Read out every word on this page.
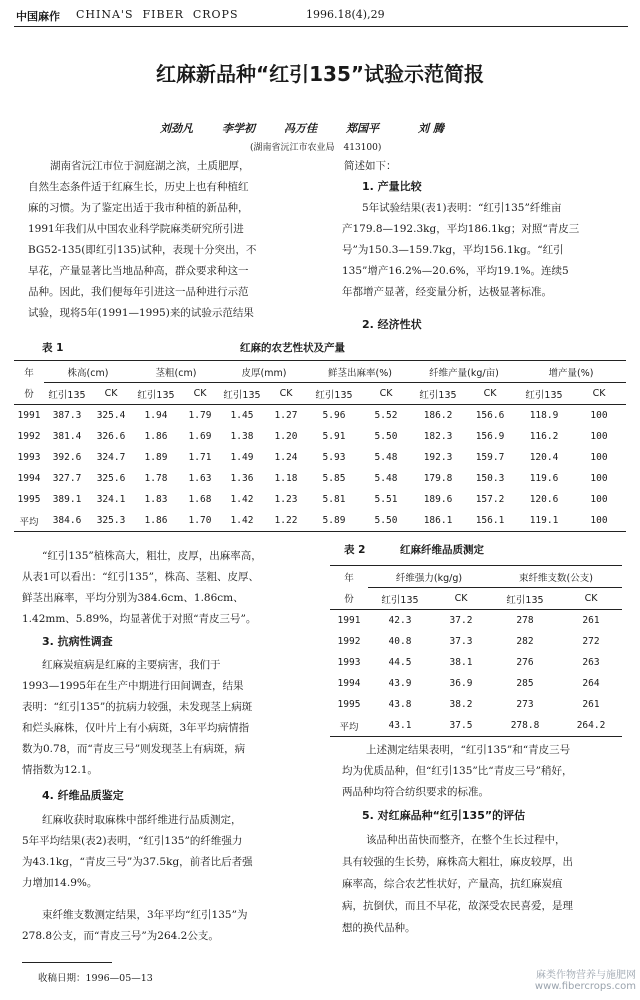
中国麻作 CHINA'S  FIBER  CROPS	1996.18(4),29
红麻新品种“红引135”试验示范简报
刘劲凡	李学初	冯万佳	郑国平	刘 腾
(湖南省沅江市农业局　413100)

湖南省沅江市位于洞庭湖之滨，土质肥厚，

自然生态条件适于红麻生长，历史上也有种植红

麻的习惯。为了鉴定出适于我市种植的新品种，

1991年我们从中国农业科学院麻类研究所引进

BG52-135(即红引135)试种，表现十分突出，不

早花，产量显著比当地品种高，群众要求种这一

品种。因此，我们便每年引进这一品种进行示范

试验，现将5年(1991—1995)来的试验示范结果

简述如下：

1. 产量比较

5年试验结果(表1)表明：“红引135”纤维亩

产179.8—192.3kg，平均186.1kg；对照“青皮三

号”为150.3—159.7kg，平均156.1kg。“红引

135”增产16.2%—20.6%，平均19.1%。连续5

年都增产显著，经变量分析，达极显著标准。

2. 经济性状

表 1	红麻的农艺性状及产量
年	株高(cm)		茎粗(cm)		皮厚(mm)		鲜茎出麻率(%)		纤维产量(kg/亩)		增产量(%)	
份	红引135	CK	红引135	CK	红引135	CK	红引135	CK	红引135	CK	红引135	CK
1991	387.3	325.4	1.94	1.79	1.45	1.27	5.96	5.52	186.2	156.6	118.9	100
1992	381.4	326.6	1.86	1.69	1.38	1.20	5.91	5.50	182.3	156.9	116.2	100
1993	392.6	324.7	1.89	1.71	1.49	1.24	5.93	5.48	192.3	159.7	120.4	100
1994	327.7	325.6	1.78	1.63	1.36	1.18	5.85	5.48	179.8	150.3	119.6	100
1995	389.1	324.1	1.83	1.68	1.42	1.23	5.81	5.51	189.6	157.2	120.6	100
平均	384.6	325.3	1.86	1.70	1.42	1.22	5.89	5.50	186.1	156.1	119.1	100

“红引135”植株高大，粗壮，皮厚，出麻率高，

从表1可以看出：“红引135”，株高、茎粗、皮厚、

鲜茎出麻率，平均分别为384.6cm、1.86cm、

1.42mm、5.89%，均显著优于对照“青皮三号”。

3. 抗病性调查

红麻炭疽病是红麻的主要病害，我们于

1993—1995年在生产中期进行田间调查，结果

表明：“红引135”的抗病力较强，未发现茎上病斑

和烂头麻株，仅叶片上有小病斑，3年平均病情指

数为0.78，而“青皮三号”则发现茎上有病斑，病

情指数为12.1。

4. 纤维品质鉴定

红麻收获时取麻株中部纤维进行品质测定，

5年平均结果(表2)表明，“红引135”的纤维强力

为43.1kg，“青皮三号”为37.5kg，前者比后者强

力增加14.9%。

束纤维支数测定结果，3年平均“红引135”为

278.8公支，而“青皮三号”为264.2公支。

收稿日期：1996—05—13
表 2	红麻纤维品质测定
年	纤维强力(kg/g)		束纤维支数(公支)	
份	红引135	CK	红引135	CK
1991	42.3	37.2	278	261
1992	40.8	37.3	282	272
1993	44.5	38.1	276	263
1994	43.9	36.9	285	264
1995	43.8	38.2	273	261
平均	43.1	37.5	278.8	264.2

上述测定结果表明，“红引135”和“青皮三号

均为优质品种，但“红引135”比“青皮三号”稍好，

两品种均符合纺织要求的标准。

5. 对红麻品种“红引135”的评估

该品种出苗快而整齐，在整个生长过程中，

具有较强的生长势，麻株高大粗壮，麻皮较厚，出

麻率高，综合农艺性状好，产量高，抗红麻炭疽

病，抗倒伏，而且不早花，故深受农民喜爱，是理

想的换代品种。

麻类作物营养与施肥网
www.fibercrops.com
